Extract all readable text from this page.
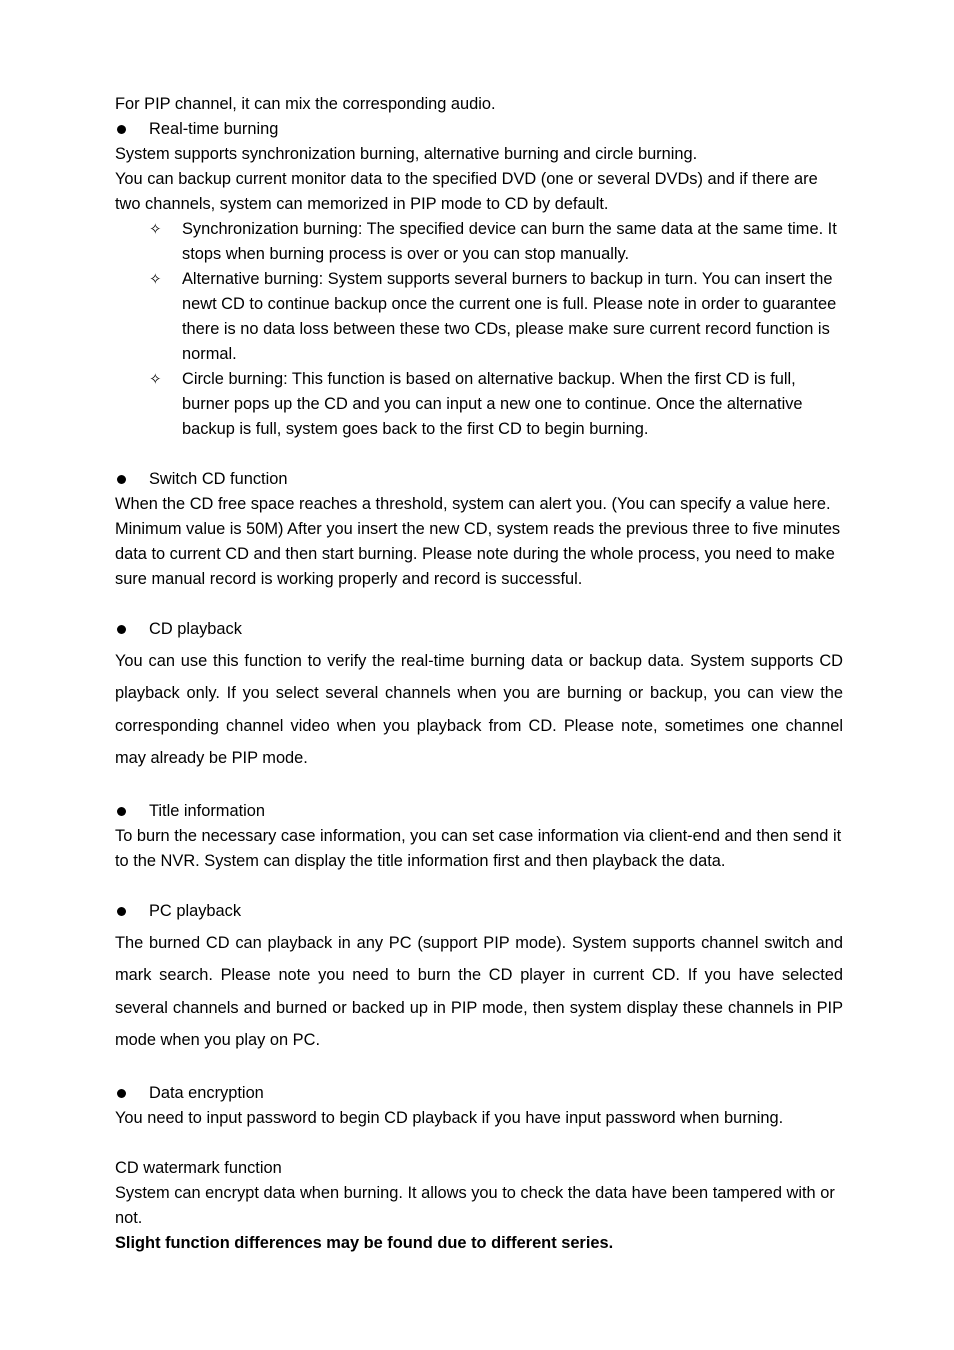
For PIP channel, it can mix the corresponding audio.

Real-time burning

System supports synchronization burning, alternative burning and circle burning.

You can backup current monitor data to the specified DVD (one or several DVDs) and if there are two channels, system can memorized in PIP mode to CD by default.

✧ Synchronization burning: The specified device can burn the same data at the same time. It stops when burning process is over or you can stop manually.
✧ Alternative burning: System supports several burners to backup in turn. You can insert the newt CD to continue backup once the current one is full. Please note in order to guarantee there is no data loss between these two CDs, please make sure current record function is normal.
✧ Circle burning: This function is based on alternative backup. When the first CD is full, burner pops up the CD and you can input a new one to continue. Once the alternative backup is full, system goes back to the first CD to begin burning.
Switch CD function

When the CD free space reaches a threshold, system can alert you. (You can specify a value here. Minimum value is 50M) After you insert the new CD, system reads the previous three to five minutes data to current CD and then start burning. Please note during the whole process, you need to make sure manual record is working properly and record is successful.

CD playback

You can use this function to verify the real-time burning data or backup data. System supports CD playback only. If you select several channels when you are burning or backup, you can view the corresponding channel video when you playback from CD. Please note, sometimes one channel may already be PIP mode.

Title information

To burn the necessary case information, you can set case information via client-end and then send it to the NVR. System can display the title information first and then playback the data.

PC playback

The burned CD can playback in any PC (support PIP mode). System supports channel switch and mark search. Please note you need to burn the CD player in current CD. If you have selected several channels and burned or backed up in PIP mode, then system display these channels in PIP mode when you play on PC.

Data encryption

You need to input password to begin CD playback if you have input password when burning.

CD watermark function

System can encrypt data when burning. It allows you to check the data have been tampered with or not.

Slight function differences may be found due to different series.
